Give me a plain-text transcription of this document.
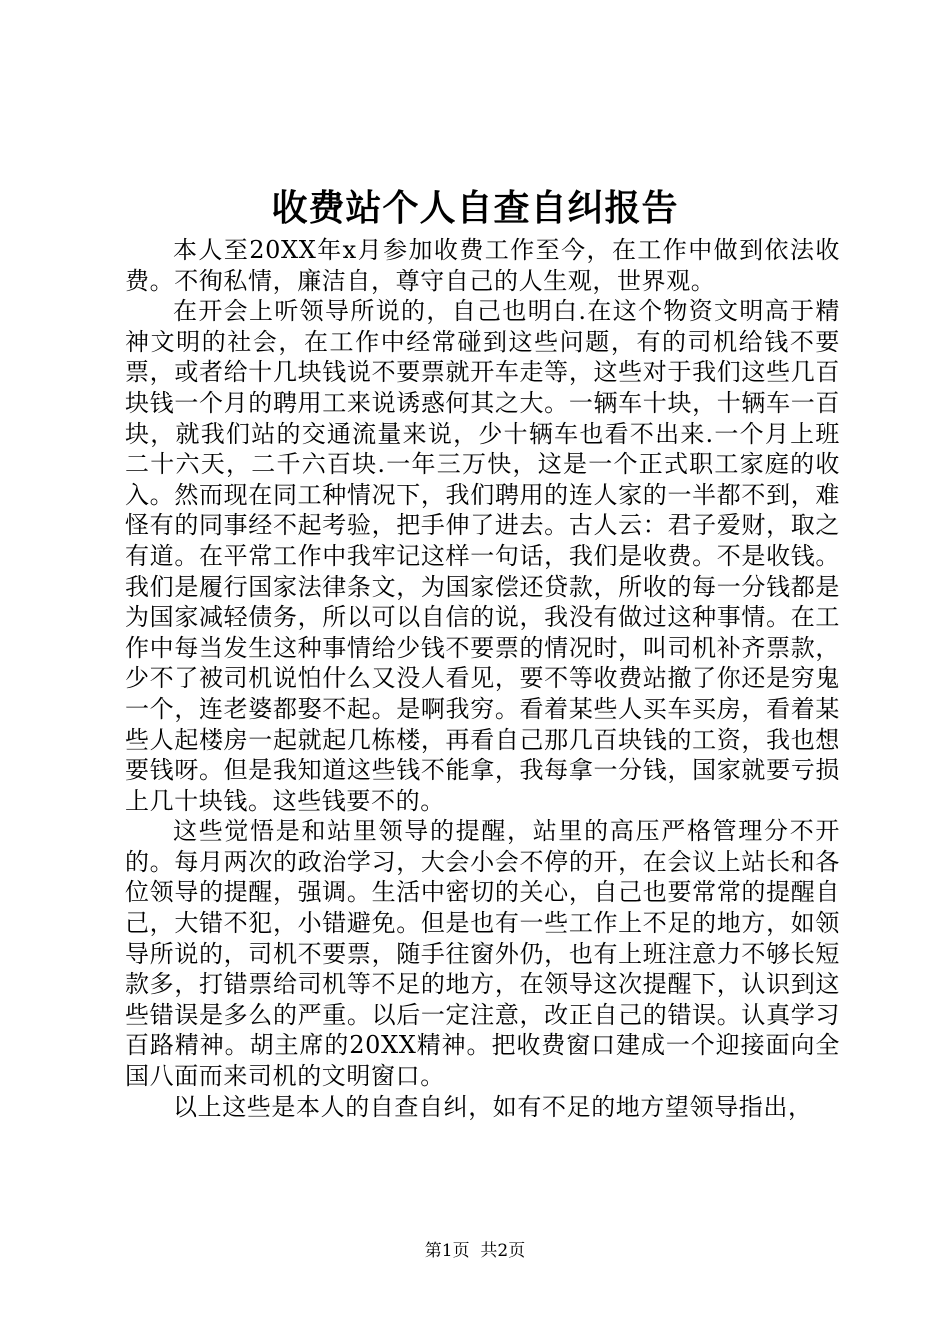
收费站个人自查自纠报告

本人至20XX年x月参加收费工作至今，在工作中做到依法收费。不徇私情，廉洁自，尊守自己的人生观，世界观。

在开会上听领导所说的，自己也明白.在这个物资文明高于精神文明的社会，在工作中经常碰到这些问题，有的司机给钱不要票，或者给十几块钱说不要票就开车走等，这些对于我们这些几百块钱一个月的聘用工来说诱惑何其之大。一辆车十块，十辆车一百块，就我们站的交通流量来说，少十辆车也看不出来.一个月上班二十六天，二千六百块.一年三万快，这是一个正式职工家庭的收入。然而现在同工种情况下，我们聘用的连人家的一半都不到，难怪有的同事经不起考验，把手伸了进去。古人云：君子爱财，取之有道。在平常工作中我牢记这样一句话，我们是收费。不是收钱。我们是履行国家法律条文，为国家偿还贷款，所收的每一分钱都是为国家减轻债务，所以可以自信的说，我没有做过这种事情。在工作中每当发生这种事情给少钱不要票的情况时，叫司机补齐票款，少不了被司机说怕什么又没人看见，要不等收费站撤了你还是穷鬼一个，连老婆都娶不起。是啊我穷。看着某些人买车买房，看着某些人起楼房一起就起几栋楼，再看自己那几百块钱的工资，我也想要钱呀。但是我知道这些钱不能拿，我每拿一分钱，国家就要亏损上几十块钱。这些钱要不的。

这些觉悟是和站里领导的提醒，站里的高压严格管理分不开的。每月两次的政治学习，大会小会不停的开，在会议上站长和各位领导的提醒，强调。生活中密切的关心，自己也要常常的提醒自己，大错不犯，小错避免。但是也有一些工作上不足的地方，如领导所说的，司机不要票，随手往窗外仍，也有上班注意力不够长短款多，打错票给司机等不足的地方，在领导这次提醒下，认识到这些错误是多么的严重。以后一定注意，改正自己的错误。认真学习百路精神。胡主席的20XX精神。把收费窗口建成一个迎接面向全国八面而来司机的文明窗口。

以上这些是本人的自查自纠，如有不足的地方望领导指出，

第1页  共2页
